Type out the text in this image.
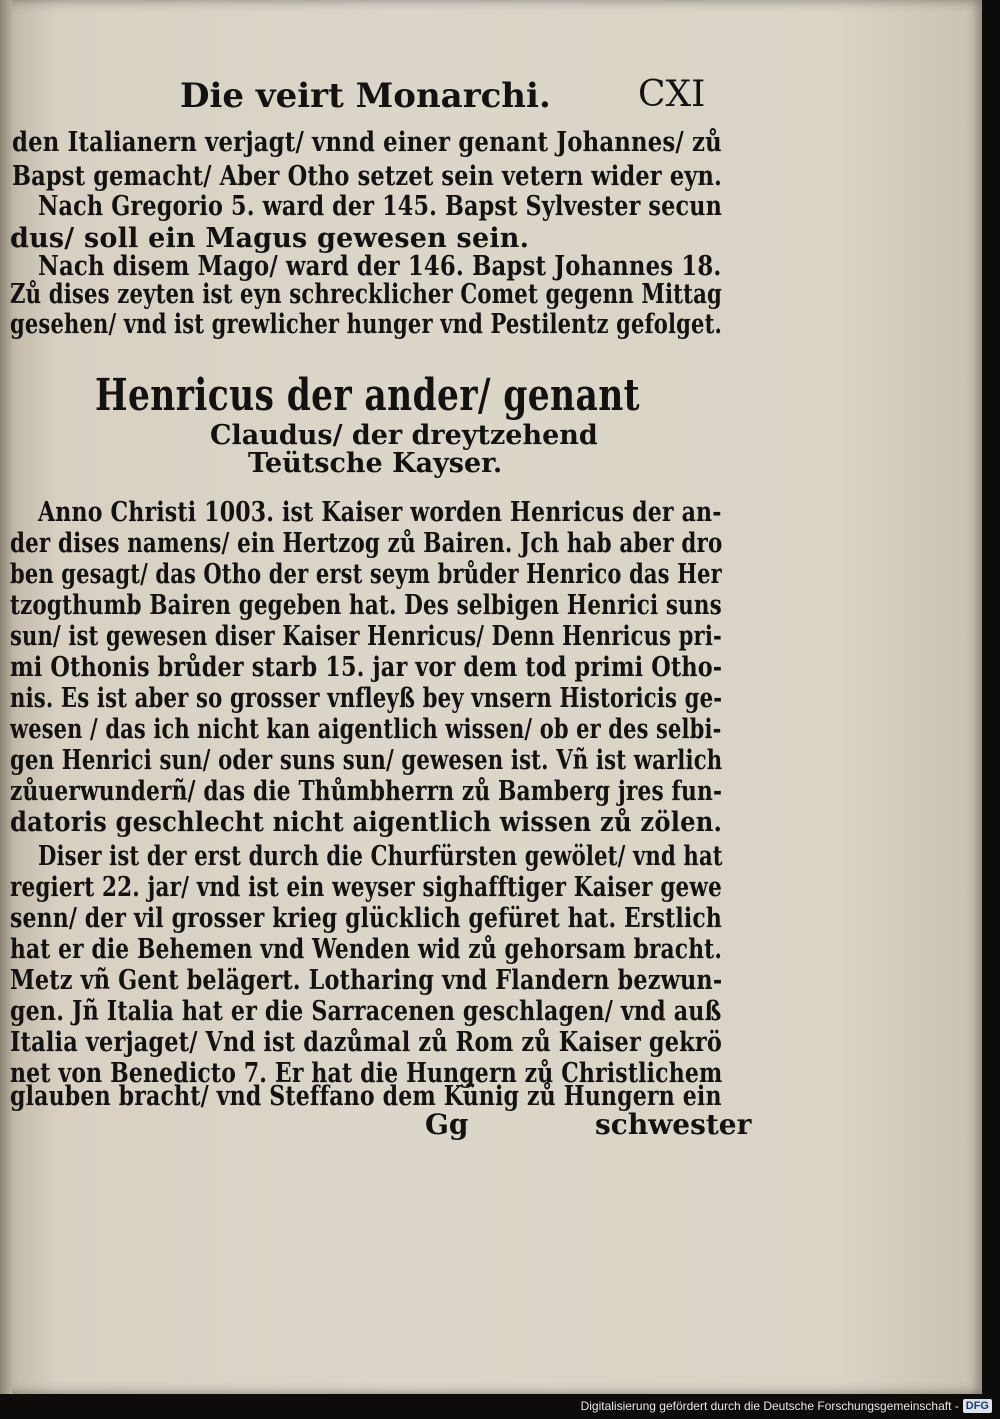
Die veirt Monarchi. CXI
den Italianern verjagt/ vnnd einer genant Johannes/ zů
Bapst gemacht/ Aber Otho setzet sein vetern wider eyn.
Nach Gregorio 5. ward der 145. Bapst Sylvester secun
dus/ soll ein Magus gewesen sein.
Nach disem Mago/ ward der 146. Bapst Johannes 18.
Zů dises zeyten ist eyn schrecklicher Comet gegenn Mittag
gesehen/ vnd ist grewlicher hunger vnd Pestilentz gefolget.
Henricus der ander/ genant
Claudus/ der dreytzehend
Teütsche Kayser.
Anno Christi 1003. ist Kaiser worden Henricus der an-
der dises namens/ ein Hertzog zů Bairen. Jch hab aber dro
ben gesagt/ das Otho der erst seym brůder Henrico das Her
tzogthumb Bairen gegeben hat. Des selbigen Henrici suns
sun/ ist gewesen diser Kaiser Henricus/ Denn Henricus pri-
mi Othonis brůder starb 15. jar vor dem tod primi Otho-
nis. Es ist aber so grosser vnfleyß bey vnsern Historicis ge-
wesen / das ich nicht kan aigentlich wissen/ ob er des selbi-
gen Henrici sun/ oder suns sun/ gewesen ist. Vñ ist warlich
zůuerwunderñ/ das die Thůmbherrn zů Bamberg jres fun-
datoris geschlecht nicht aigentlich wissen zů zölen.
Diser ist der erst durch die Churfürsten gewölet/ vnd hat
regiert 22. jar/ vnd ist ein weyser sighafftiger Kaiser gewe
senn/ der vil grosser krieg glücklich gefüret hat. Erstlich
hat er die Behemen vnd Wenden wid zů gehorsam bracht.
Metz vñ Gent belägert. Lotharing vnd Flandern bezwun-
gen. Jñ Italia hat er die Sarracenen geschlagen/ vnd auß
Italia verjaget/ Vnd ist dazůmal zů Rom zů Kaiser gekrö
net von Benedicto 7. Er hat die Hungern zů Christlichem
glauben bracht/ vnd Steffano dem Künig zů Hungern ein
Gg	schwester
Digitalisierung gefördert durch die Deutsche Forschungsgemeinschaft - DFG
